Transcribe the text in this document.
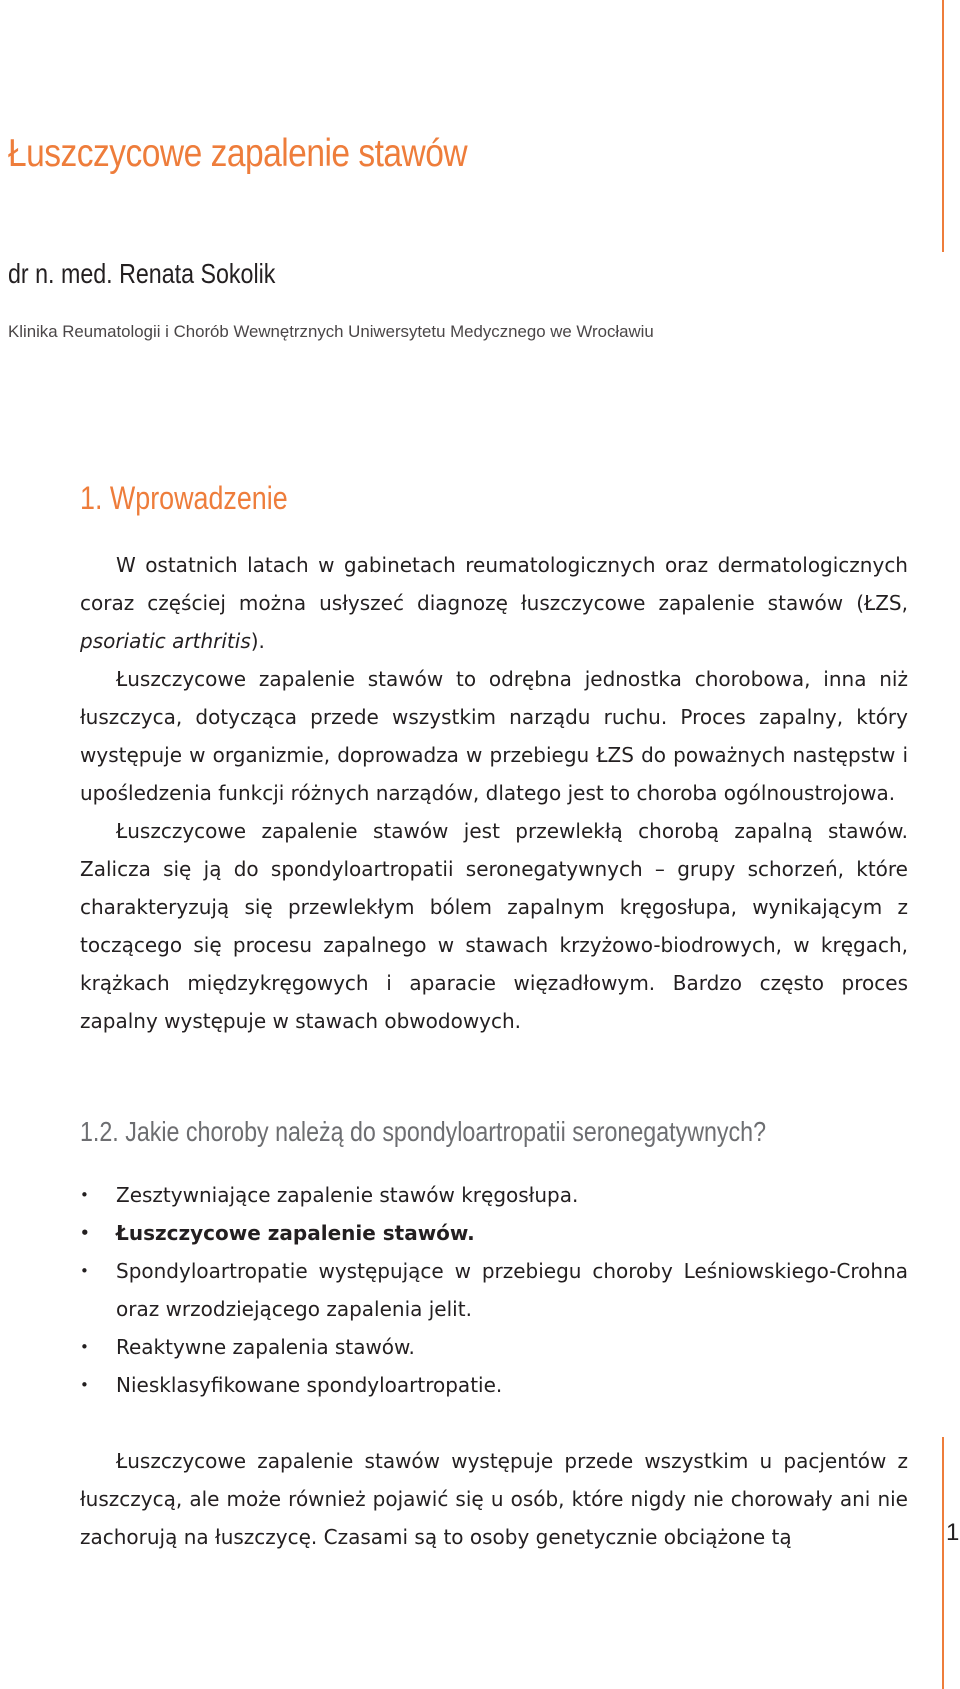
Łuszczycowe zapalenie stawów
dr n. med. Renata Sokolik
Klinika Reumatologii i Chorób Wewnętrznych Uniwersytetu Medycznego we Wrocławiu
1. Wprowadzenie

W ostatnich latach w gabinetach reumatologicznych oraz dermatologicznych coraz częściej można usłyszeć diagnozę łuszczycowe zapalenie stawów (ŁZS, psoriatic arthritis).

Łuszczycowe zapalenie stawów to odrębna jednostka chorobowa, inna niż łuszczyca, dotycząca przede wszystkim narządu ruchu. Proces zapalny, który występuje w organizmie, doprowadza w przebiegu ŁZS do poważnych następstw i upośledzenia funkcji różnych narządów, dlatego jest to choroba ogólnoustrojowa.

Łuszczycowe zapalenie stawów jest przewlekłą chorobą zapalną stawów. Zalicza się ją do spondyloartropatii seronegatywnych – grupy schorzeń, które charakteryzują się przewlekłym bólem zapalnym kręgosłupa, wynikającym z toczącego się procesu zapalnego w stawach krzyżowo-biodrowych, w kręgach, krążkach międzykręgowych i aparacie więzadłowym. Bardzo często proces zapalny występuje w stawach obwodowych.

1.2. Jakie choroby należą do spondyloartropatii seronegatywnych?
• Zesztywniające zapalenie stawów kręgosłupa.
• Łuszczycowe zapalenie stawów.
• Spondyloartropatie występujące w przebiegu choroby Leśniowskiego-Crohna oraz wrzodziejącego zapalenia jelit.
• Reaktywne zapalenia stawów.
• Niesklasyfikowane spondyloartropatie.

Łuszczycowe zapalenie stawów występuje przede wszystkim u pacjentów z łuszczycą, ale może również pojawić się u osób, które nigdy nie chorowały ani nie zachorują na łuszczycę. Czasami są to osoby genetycznie obciążone tą	1
